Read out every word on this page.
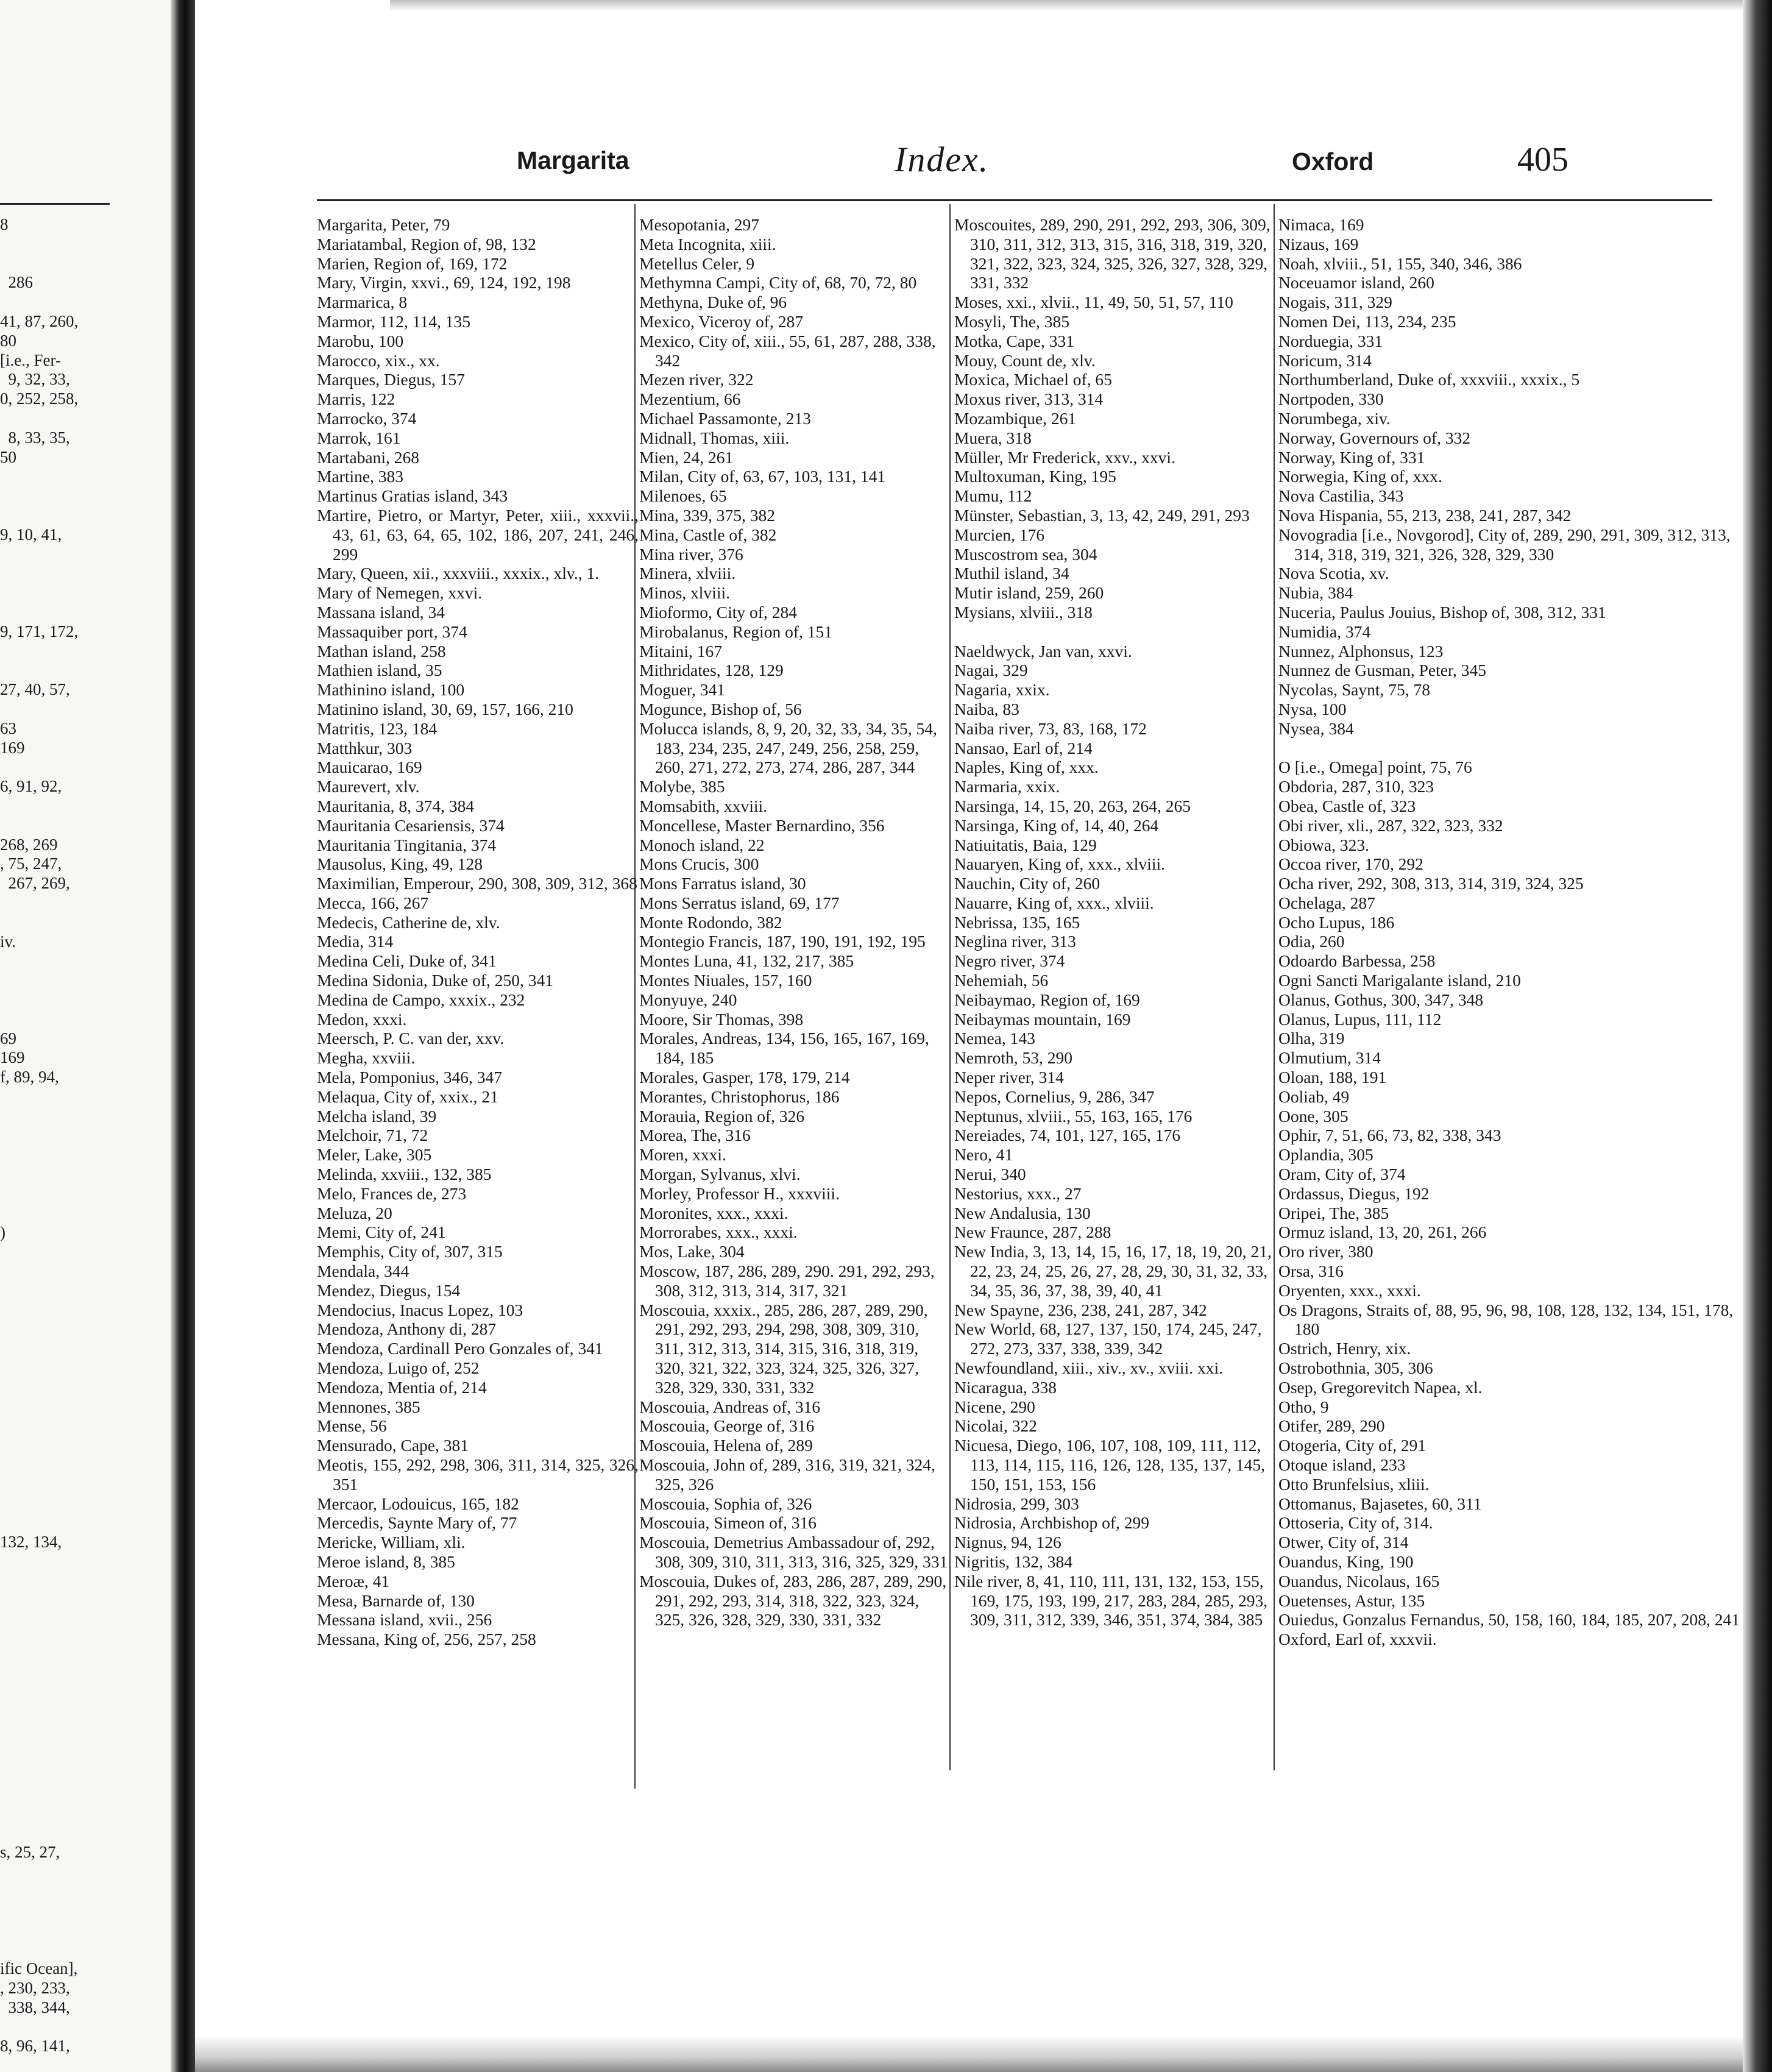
8
286
41, 87, 260,
80
[i.e., Fer-
9, 32, 33,
0, 252, 258,
8, 33, 35,
50
9, 10, 41,
9, 171, 172,
27, 40, 57,
63
169
6, 91, 92,
268, 269
, 75, 247,
267, 269,
iv.
69
169
f, 89, 94,
)
132, 134,
s, 25, 27,
ific Ocean],
, 230, 233,
338, 344,
8, 96, 141,
Margarita	Index.	Oxford	405
Margarita, Peter, 79
Mariatambal, Region of, 98, 132
Marien, Region of, 169, 172
Mary, Virgin, xxvi., 69, 124, 192, 198
Marmarica, 8
Marmor, 112, 114, 135
Marobu, 100
Marocco, xix., xx.
Marques, Diegus, 157
Marris, 122
Marrocko, 374
Marrok, 161
Martabani, 268
Martine, 383
Martinus Gratias island, 343
Martire, Pietro, or Martyr, Peter, xiii., xxxvii., 43, 61, 63, 64, 65, 102, 186, 207, 241, 246, 299
Mary, Queen, xii., xxxviii., xxxix., xlv., 1.
Mary of Nemegen, xxvi.
Massana island, 34
Massaquiber port, 374
Mathan island, 258
Mathien island, 35
Mathinino island, 100
Matinino island, 30, 69, 157, 166, 210
Matritis, 123, 184
Matthkur, 303
Mauicarao, 169
Maurevert, xlv.
Mauritania, 8, 374, 384
Mauritania Cesariensis, 374
Mauritania Tingitania, 374
Mausolus, King, 49, 128
Maximilian, Emperour, 290, 308, 309, 312, 368
Mecca, 166, 267
Medecis, Catherine de, xlv.
Media, 314
Medina Celi, Duke of, 341
Medina Sidonia, Duke of, 250, 341
Medina de Campo, xxxix., 232
Medon, xxxi.
Meersch, P. C. van der, xxv.
Megha, xxviii.
Mela, Pomponius, 346, 347
Melaqua, City of, xxix., 21
Melcha island, 39
Melchoir, 71, 72
Meler, Lake, 305
Melinda, xxviii., 132, 385
Melo, Frances de, 273
Meluza, 20
Memi, City of, 241
Memphis, City of, 307, 315
Mendala, 344
Mendez, Diegus, 154
Mendocius, Inacus Lopez, 103
Mendoza, Anthony di, 287
Mendoza, Cardinall Pero Gonzales of, 341
Mendoza, Luigo of, 252
Mendoza, Mentia of, 214
Mennones, 385
Mense, 56
Mensurado, Cape, 381
Meotis, 155, 292, 298, 306, 311, 314, 325, 326, 351
Mercaor, Lodouicus, 165, 182
Mercedis, Saynte Mary of, 77
Mericke, William, xli.
Meroe island, 8, 385
Meroæ, 41
Mesa, Barnarde of, 130
Messana island, xvii., 256
Messana, King of, 256, 257, 258
Mesopotania, 297
Meta Incognita, xiii.
Metellus Celer, 9
Methymna Campi, City of, 68, 70, 72, 80
Methyna, Duke of, 96
Mexico, Viceroy of, 287
Mexico, City of, xiii., 55, 61, 287, 288, 338, 342
Mezen river, 322
Mezentium, 66
Michael Passamonte, 213
Midnall, Thomas, xiii.
Mien, 24, 261
Milan, City of, 63, 67, 103, 131, 141
Milenoes, 65
Mina, 339, 375, 382
Mina, Castle of, 382
Mina river, 376
Minera, xlviii.
Minos, xlviii.
Mioformo, City of, 284
Mirobalanus, Region of, 151
Mitaini, 167
Mithridates, 128, 129
Moguer, 341
Mogunce, Bishop of, 56
Molucca islands, 8, 9, 20, 32, 33, 34, 35, 54, 183, 234, 235, 247, 249, 256, 258, 259, 260, 271, 272, 273, 274, 286, 287, 344
Molybe, 385
Momsabith, xxviii.
Moncellese, Master Bernardino, 356
Monoch island, 22
Mons Crucis, 300
Mons Farratus island, 30
Mons Serratus island, 69, 177
Monte Rodondo, 382
Montegio Francis, 187, 190, 191, 192, 195
Montes Luna, 41, 132, 217, 385
Montes Niuales, 157, 160
Monyuye, 240
Moore, Sir Thomas, 398
Morales, Andreas, 134, 156, 165, 167, 169, 184, 185
Morales, Gasper, 178, 179, 214
Morantes, Christophorus, 186
Morauia, Region of, 326
Morea, The, 316
Moren, xxxi.
Morgan, Sylvanus, xlvi.
Morley, Professor H., xxxviii.
Moronites, xxx., xxxi.
Morrorabes, xxx., xxxi.
Mos, Lake, 304
Moscow, 187, 286, 289, 290. 291, 292, 293, 308, 312, 313, 314, 317, 321
Moscouia, xxxix., 285, 286, 287, 289, 290, 291, 292, 293, 294, 298, 308, 309, 310, 311, 312, 313, 314, 315, 316, 318, 319, 320, 321, 322, 323, 324, 325, 326, 327, 328, 329, 330, 331, 332
Moscouia, Andreas of, 316
Moscouia, George of, 316
Moscouia, Helena of, 289
Moscouia, John of, 289, 316, 319, 321, 324, 325, 326
Moscouia, Sophia of, 326
Moscouia, Simeon of, 316
Moscouia, Demetrius Ambassadour of, 292, 308, 309, 310, 311, 313, 316, 325, 329, 331
Moscouia, Dukes of, 283, 286, 287, 289, 290, 291, 292, 293, 314, 318, 322, 323, 324, 325, 326, 328, 329, 330, 331, 332
Moscouites, 289, 290, 291, 292, 293, 306, 309, 310, 311, 312, 313, 315, 316, 318, 319, 320, 321, 322, 323, 324, 325, 326, 327, 328, 329, 331, 332
Moses, xxi., xlvii., 11, 49, 50, 51, 57, 110
Mosyli, The, 385
Motka, Cape, 331
Mouy, Count de, xlv.
Moxica, Michael of, 65
Moxus river, 313, 314
Mozambique, 261
Muera, 318
Müller, Mr Frederick, xxv., xxvi.
Multoxuman, King, 195
Mumu, 112
Münster, Sebastian, 3, 13, 42, 249, 291, 293
Murcien, 176
Muscostrom sea, 304
Muthil island, 34
Mutir island, 259, 260
Mysians, xlviii., 318
Naeldwyck, Jan van, xxvi.
Nagai, 329
Nagaria, xxix.
Naiba, 83
Naiba river, 73, 83, 168, 172
Nansao, Earl of, 214
Naples, King of, xxx.
Narmaria, xxix.
Narsinga, 14, 15, 20, 263, 264, 265
Narsinga, King of, 14, 40, 264
Natiuitatis, Baia, 129
Nauaryen, King of, xxx., xlviii.
Nauchin, City of, 260
Nauarre, King of, xxx., xlviii.
Nebrissa, 135, 165
Neglina river, 313
Negro river, 374
Nehemiah, 56
Neibaymao, Region of, 169
Neibaymas mountain, 169
Nemea, 143
Nemroth, 53, 290
Neper river, 314
Nepos, Cornelius, 9, 286, 347
Neptunus, xlviii., 55, 163, 165, 176
Nereiades, 74, 101, 127, 165, 176
Nero, 41
Nerui, 340
Nestorius, xxx., 27
New Andalusia, 130
New Fraunce, 287, 288
New India, 3, 13, 14, 15, 16, 17, 18, 19, 20, 21, 22, 23, 24, 25, 26, 27, 28, 29, 30, 31, 32, 33, 34, 35, 36, 37, 38, 39, 40, 41
New Spayne, 236, 238, 241, 287, 342
New World, 68, 127, 137, 150, 174, 245, 247, 272, 273, 337, 338, 339, 342
Newfoundland, xiii., xiv., xv., xviii. xxi.
Nicaragua, 338
Nicene, 290
Nicolai, 322
Nicuesa, Diego, 106, 107, 108, 109, 111, 112, 113, 114, 115, 116, 126, 128, 135, 137, 145, 150, 151, 153, 156
Nidrosia, 299, 303
Nidrosia, Archbishop of, 299
Nignus, 94, 126
Nigritis, 132, 384
Nile river, 8, 41, 110, 111, 131, 132, 153, 155, 169, 175, 193, 199, 217, 283, 284, 285, 293, 309, 311, 312, 339, 346, 351, 374, 384, 385
Nimaca, 169
Nizaus, 169
Noah, xlviii., 51, 155, 340, 346, 386
Noceuamor island, 260
Nogais, 311, 329
Nomen Dei, 113, 234, 235
Norduegia, 331
Noricum, 314
Northumberland, Duke of, xxxviii., xxxix., 5
Nortpoden, 330
Norumbega, xiv.
Norway, Governours of, 332
Norway, King of, 331
Norwegia, King of, xxx.
Nova Castilia, 343
Nova Hispania, 55, 213, 238, 241, 287, 342
Novogradia [i.e., Novgorod], City of, 289, 290, 291, 309, 312, 313, 314, 318, 319, 321, 326, 328, 329, 330
Nova Scotia, xv.
Nubia, 384
Nuceria, Paulus Jouius, Bishop of, 308, 312, 331
Numidia, 374
Nunnez, Alphonsus, 123
Nunnez de Gusman, Peter, 345
Nycolas, Saynt, 75, 78
Nysa, 100
Nysea, 384
O [i.e., Omega] point, 75, 76
Obdoria, 287, 310, 323
Obea, Castle of, 323
Obi river, xli., 287, 322, 323, 332
Obiowa, 323.
Occoa river, 170, 292
Ocha river, 292, 308, 313, 314, 319, 324, 325
Ochelaga, 287
Ocho Lupus, 186
Odia, 260
Odoardo Barbessa, 258
Ogni Sancti Marigalante island, 210
Olanus, Gothus, 300, 347, 348
Olanus, Lupus, 111, 112
Olha, 319
Olmutium, 314
Oloan, 188, 191
Ooliab, 49
Oone, 305
Ophir, 7, 51, 66, 73, 82, 338, 343
Oplandia, 305
Oram, City of, 374
Ordassus, Diegus, 192
Oripei, The, 385
Ormuz island, 13, 20, 261, 266
Oro river, 380
Orsa, 316
Oryenten, xxx., xxxi.
Os Dragons, Straits of, 88, 95, 96, 98, 108, 128, 132, 134, 151, 178, 180
Ostrich, Henry, xix.
Ostrobothnia, 305, 306
Osep, Gregorevitch Napea, xl.
Otho, 9
Otifer, 289, 290
Otogeria, City of, 291
Otoque island, 233
Otto Brunfelsius, xliii.
Ottomanus, Bajasetes, 60, 311
Ottoseria, City of, 314.
Otwer, City of, 314
Ouandus, King, 190
Ouandus, Nicolaus, 165
Ouetenses, Astur, 135
Ouiedus, Gonzalus Fernandus, 50, 158, 160, 184, 185, 207, 208, 241
Oxford, Earl of, xxxvii.
